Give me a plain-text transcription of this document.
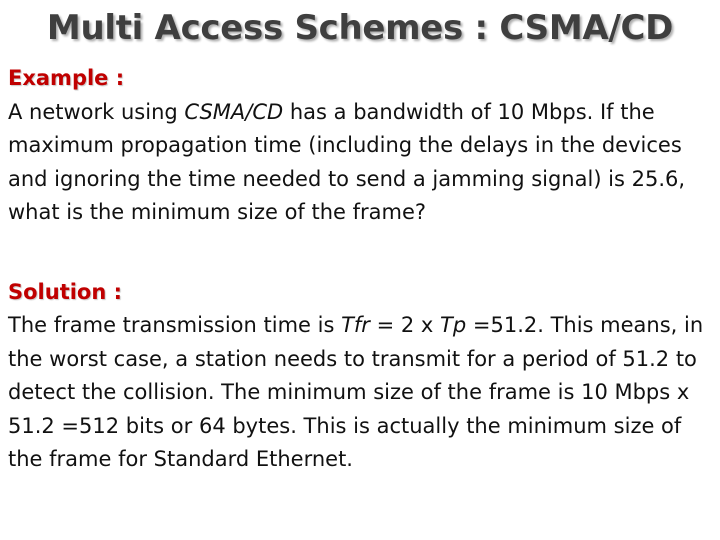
Multi Access Schemes : CSMA/CD
Example :

A network using CSMA/CD has a bandwidth of 10 Mbps. If the maximum propagation time (including the delays in the devices and ignoring the time needed to send a jamming signal) is 25.6, what is the minimum size of the frame?

Solution :

The frame transmission time is Tfr = 2 x Tp =51.2. This means, in the worst case, a station needs to transmit for a period of 51.2 to detect the collision. The minimum size of the frame is 10 Mbps x 51.2 =512 bits or 64 bytes. This is actually the minimum size of the frame for Standard Ethernet.
